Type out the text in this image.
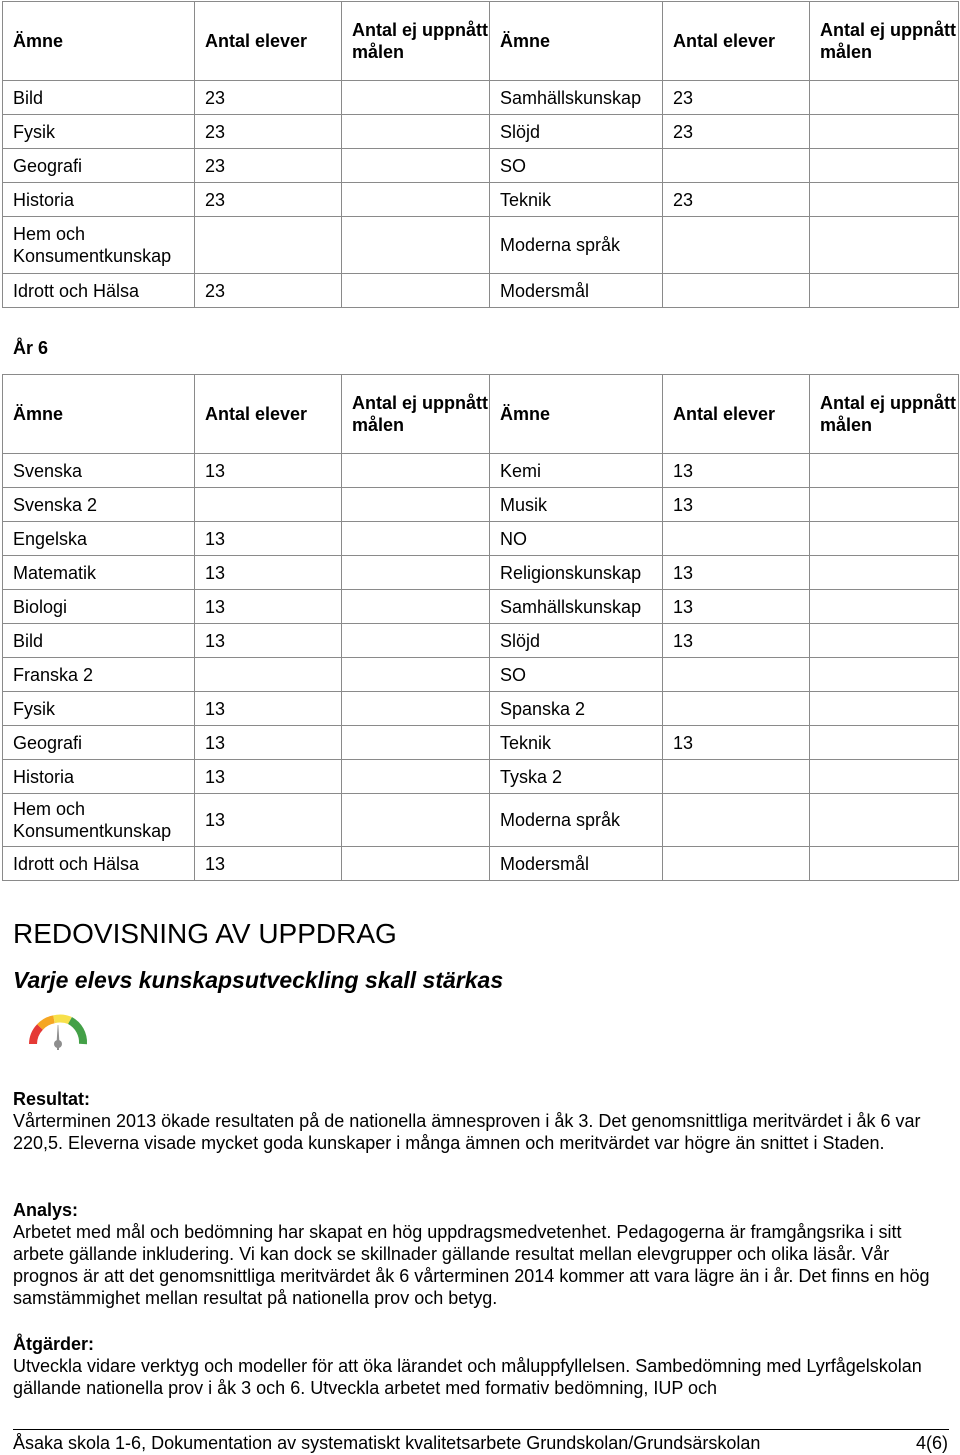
Ämne	Antal elever	Antal ej uppnått målen	Ämne	Antal elever	Antal ej uppnått målen
Bild	23		Samhällskunskap	23	
Fysik	23		Slöjd	23	
Geografi	23		SO		
Historia	23		Teknik	23	
Hem och Konsumentkunskap			Moderna språk		
Idrott och Hälsa	23		Modersmål		
År 6
Ämne	Antal elever	Antal ej uppnått målen	Ämne	Antal elever	Antal ej uppnått målen
Svenska	13		Kemi	13	
Svenska 2			Musik	13	
Engelska	13		NO		
Matematik	13		Religionskunskap	13	
Biologi	13		Samhällskunskap	13	
Bild	13		Slöjd	13	
Franska 2			SO		
Fysik	13		Spanska 2		
Geografi	13		Teknik	13	
Historia	13		Tyska 2		
Hem och Konsumentkunskap	13		Moderna språk		
Idrott och Hälsa	13		Modersmål		
REDOVISNING AV UPPDRAG
Varje elevs kunskapsutveckling skall stärkas
Resultat:
Vårterminen 2013 ökade resultaten på de nationella ämnesproven i åk 3. Det genomsnittliga meritvärdet i åk 6 var 220,5. Eleverna visade mycket goda kunskaper i många ämnen och meritvärdet var högre än snittet i Staden.
Analys:
Arbetet med mål och bedömning har skapat en hög uppdragsmedvetenhet. Pedagogerna är framgångsrika i sitt arbete gällande inkludering. Vi kan dock se skillnader gällande resultat mellan elevgrupper och olika läsår. Vår prognos är att det genomsnittliga meritvärdet åk 6 vårterminen 2014 kommer att vara lägre än i år. Det finns en hög samstämmighet mellan resultat på nationella prov och betyg.
Åtgärder:
Utveckla vidare verktyg och modeller för att öka lärandet och måluppfyllelsen. Sambedömning med Lyrfågelskolan gällande nationella prov i åk 3 och 6. Utveckla arbetet med formativ bedömning, IUP och
Åsaka skola 1-6, Dokumentation av systematiskt kvalitetsarbete Grundskolan/Grundsärskolan	4(6)
